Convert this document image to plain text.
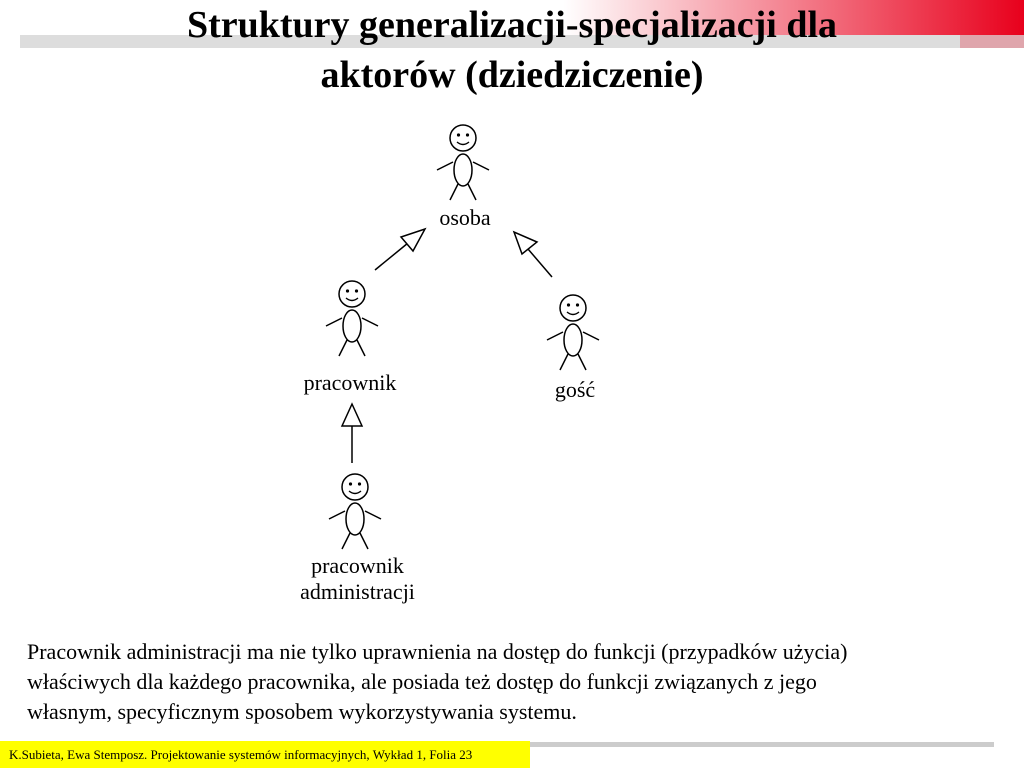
Struktury generalizacji-specjalizacji dla
aktorów (dziedziczenie)
osoba
pracownik	gość
pracownik
administracji

Pracownik administracji ma nie tylko uprawnienia na dostęp do funkcji (przypadków użycia)

właściwych dla każdego pracownika, ale posiada też dostęp do funkcji związanych z jego

własnym, specyficznym sposobem wykorzystywania systemu.

K.Subieta, Ewa Stemposz. Projektowanie systemów informacyjnych, Wykład 1, Folia 23
